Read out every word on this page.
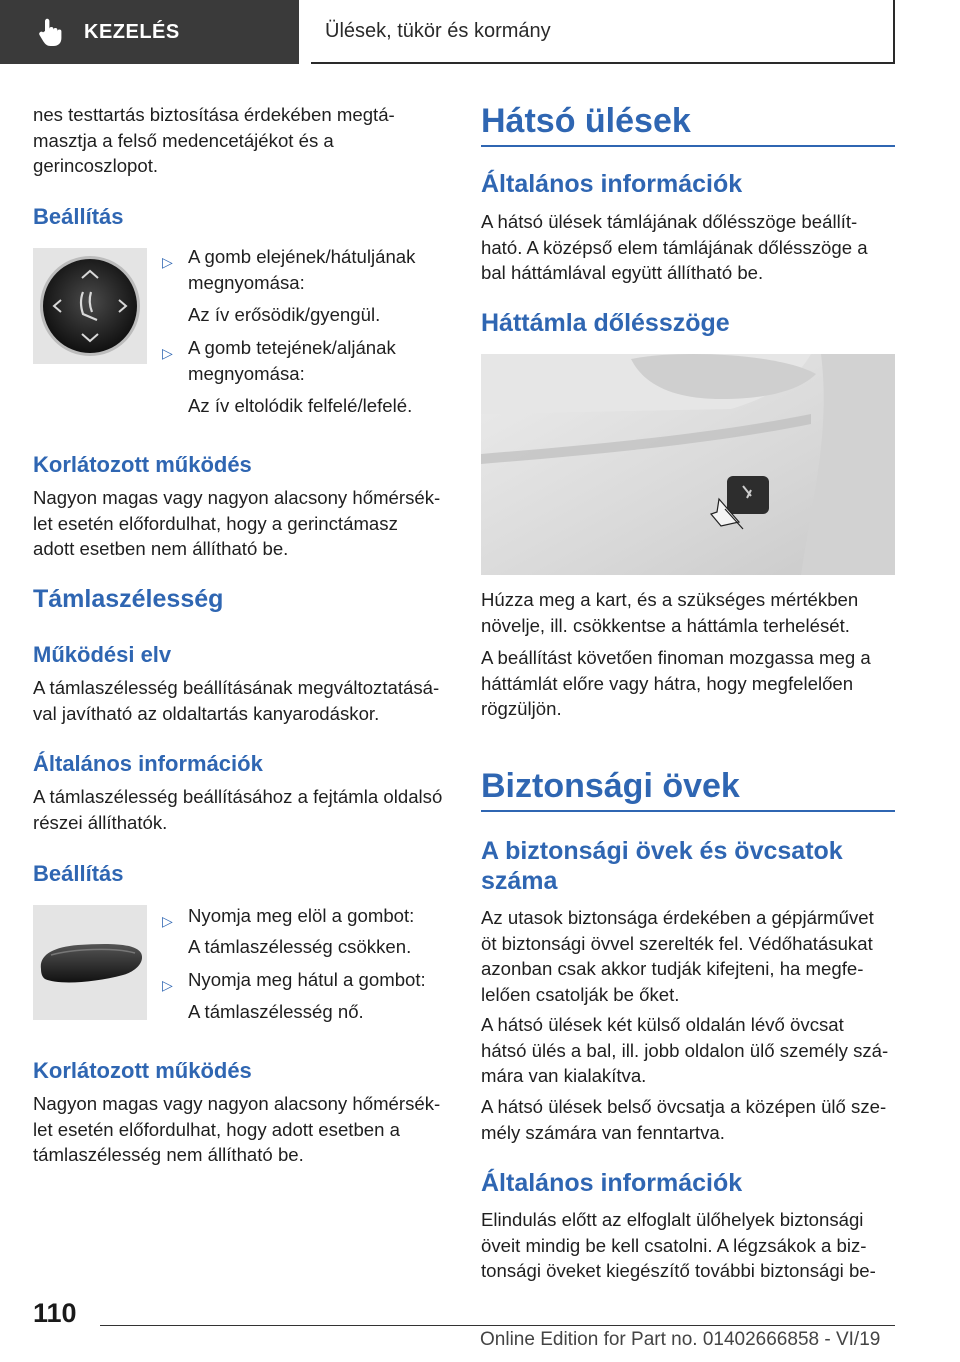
KEZELÉS	Ülések, tükör és kormány

nes testtartás biztosítása érdekében megtá-
masztja a felső medencetájékot és a
gerincoszlopot.

Beállítás
▷ A gomb elejének/hátuljának
megnyomása:
Az ív erősödik/gyengül.
▷ A gomb tetejének/aljának
megnyomása:
Az ív eltolódik felfelé/lefelé.
Korlátozott működés

Nagyon magas vagy nagyon alacsony hőmérsék-
let esetén előfordulhat, hogy a gerinctámasz
adott esetben nem állítható be.

Támlaszélesség
Működési elv

A támlaszélesség beállításának megváltoztatásá-
val javítható az oldaltartás kanyarodáskor.

Általános információk

A támlaszélesség beállításához a fejtámla oldalsó
részei állíthatók.

Beállítás
▷ Nyomja meg elöl a gombot:
A támlaszélesség csökken.
▷ Nyomja meg hátul a gombot:
A támlaszélesség nő.
Korlátozott működés

Nagyon magas vagy nagyon alacsony hőmérsék-
let esetén előfordulhat, hogy adott esetben a
támlaszélesség nem állítható be.

Hátsó ülések
Általános információk

A hátsó ülések támlájának dőlésszöge beállít-
ható. A középső elem támlájának dőlésszöge a
bal háttámlával együtt állítható be.

Háttámla dőlésszöge

Húzza meg a kart, és a szükséges mértékben
növelje, ill. csökkentse a háttámla terhelését.

A beállítást követően finoman mozgassa meg a
háttámlát előre vagy hátra, hogy megfelelően
rögzüljön.

Biztonsági övek
A biztonsági övek és övcsatok
száma

Az utasok biztonsága érdekében a gépjárművet
öt biztonsági övvel szerelték fel. Védőhatásukat
azonban csak akkor tudják kifejteni, ha megfe-
lelően csatolják be őket.

A hátsó ülések két külső oldalán lévő övcsat
hátsó ülés a bal, ill. jobb oldalon ülő személy szá-
mára van kialakítva.

A hátsó ülések belső övcsatja a középen ülő sze-
mély számára van fenntartva.

Általános információk

Elindulás előtt az elfoglalt ülőhelyek biztonsági
öveit mindig be kell csatolni. A légzsákok a biz-
tonsági öveket kiegészítő további biztonsági be-

110
Online Edition for Part no. 01402666858 - VI/19
